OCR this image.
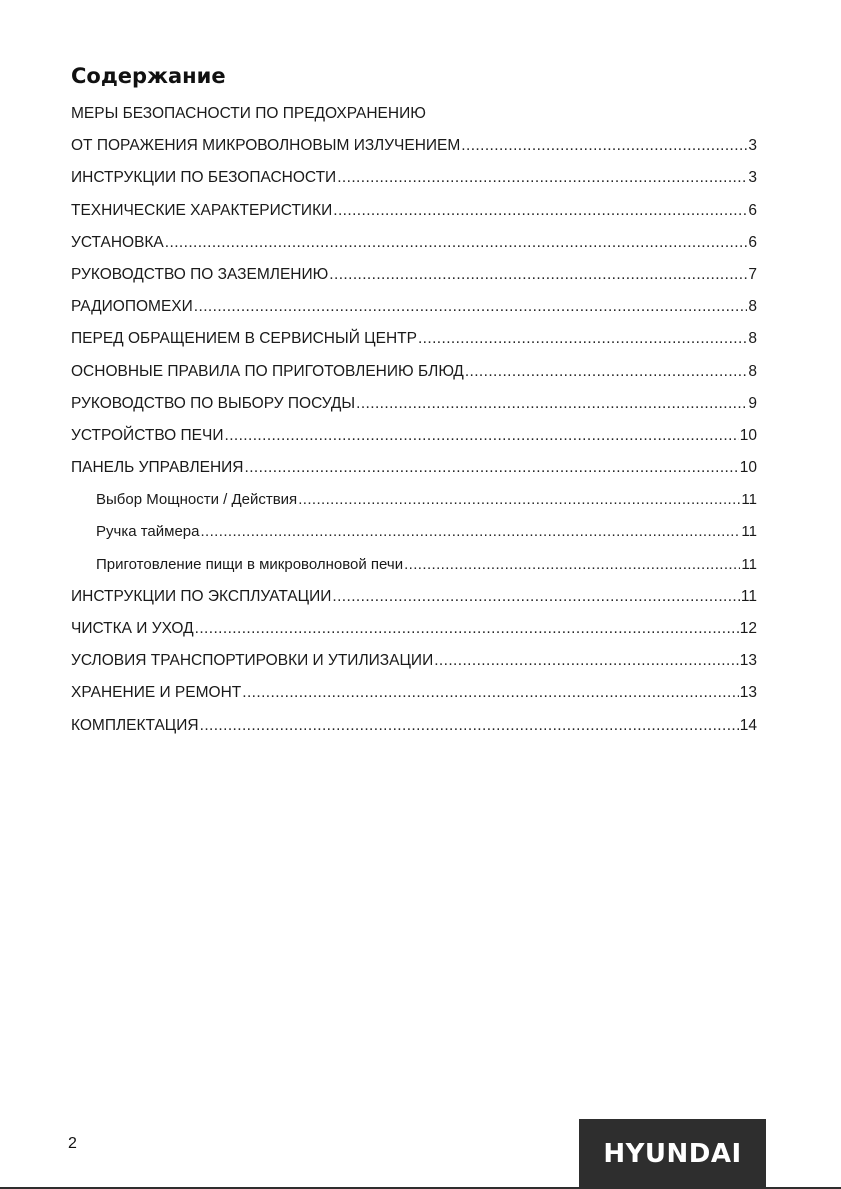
Содержание
МЕРЫ БЕЗОПАСНОСТИ ПО ПРЕДОХРАНЕНИЮ
ОТ ПОРАЖЕНИЯ МИКРОВОЛНОВЫМ ИЗЛУЧЕНИЕМ .....	3
ИНСТРУКЦИИ ПО БЕЗОПАСНОСТИ .....	3
ТЕХНИЧЕСКИЕ ХАРАКТЕРИСТИКИ .....	6
УСТАНОВКА .....	6
РУКОВОДСТВО ПО ЗАЗЕМЛЕНИЮ .....	7
РАДИОПОМЕХИ .....	8
ПЕРЕД ОБРАЩЕНИЕМ В СЕРВИСНЫЙ ЦЕНТР .....	8
ОСНОВНЫЕ ПРАВИЛА ПО ПРИГОТОВЛЕНИЮ БЛЮД .....	8
РУКОВОДСТВО ПО ВЫБОРУ ПОСУДЫ .....	9
УСТРОЙСТВО ПЕЧИ .....	10
ПАНЕЛЬ УПРАВЛЕНИЯ .....	10
Выбор Мощности / Действия .....	11
Ручка таймера .....	11
Приготовление пищи в микроволновой печи .....	11
ИНСТРУКЦИИ ПО ЭКСПЛУАТАЦИИ .....	11
ЧИСТКА И УХОД .....	12
УСЛОВИЯ ТРАНСПОРТИРОВКИ И УТИЛИЗАЦИИ .....	13
ХРАНЕНИЕ И РЕМОНТ .....	13
КОМПЛЕКТАЦИЯ .....	14
2	HYUNDAI
